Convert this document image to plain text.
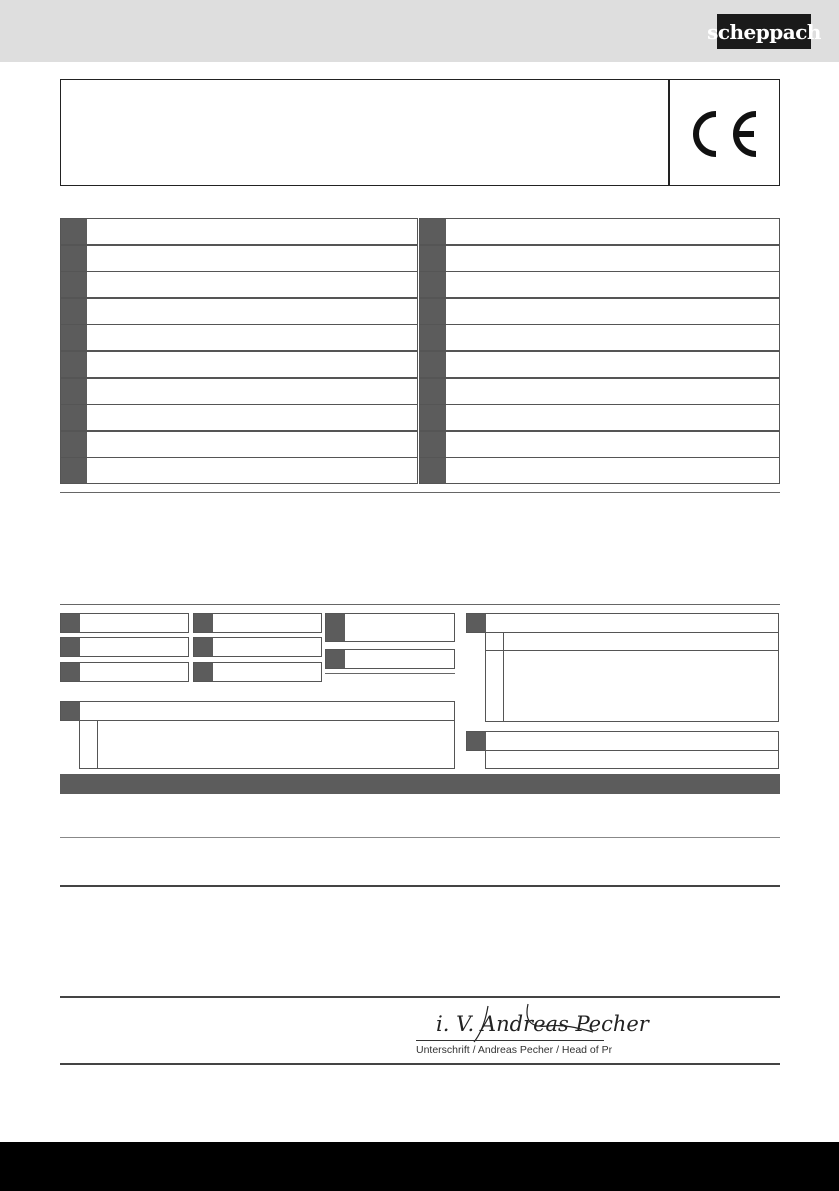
scheppach
i. V. Andreas Pecher
Unterschrift / Andreas Pecher / Head of Pr
